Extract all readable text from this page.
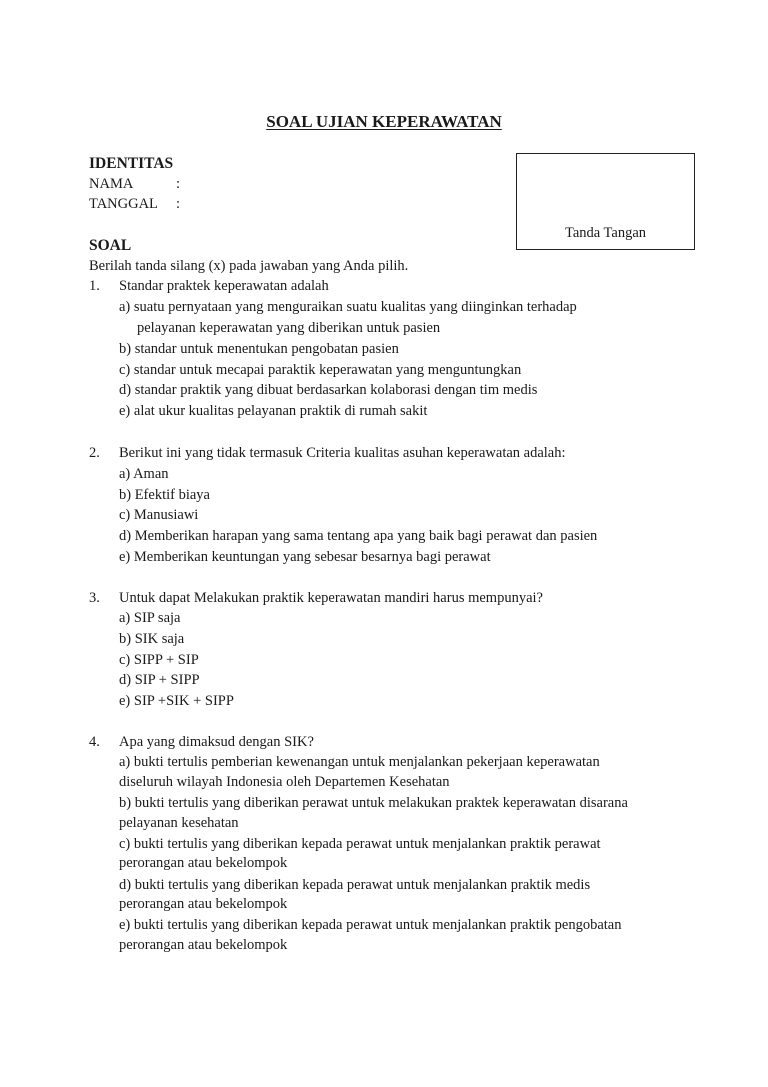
SOAL UJIAN KEPERAWATAN
IDENTITAS
NAMA	:
TANGGAL :
Tanda Tangan
SOAL
Berilah tanda silang (x) pada jawaban yang Anda pilih.
1. Standar praktek keperawatan adalah
a) suatu pernyataan yang menguraikan suatu kualitas yang diinginkan terhadap
pelayanan keperawatan yang diberikan untuk pasien
b) standar untuk menentukan pengobatan pasien
c) standar untuk mecapai paraktik keperawatan yang menguntungkan
d) standar praktik yang dibuat berdasarkan kolaborasi dengan tim medis
e) alat ukur kualitas pelayanan praktik di rumah sakit
2. Berikut ini yang tidak termasuk Criteria kualitas asuhan keperawatan adalah:
a) Aman
b) Efektif biaya
c) Manusiawi
d) Memberikan harapan yang sama tentang apa yang baik bagi perawat dan pasien
e) Memberikan keuntungan yang sebesar besarnya bagi perawat
3. Untuk dapat Melakukan praktik keperawatan mandiri harus mempunyai?
a) SIP saja
b) SIK saja
c) SIPP + SIP
d) SIP + SIPP
e) SIP +SIK + SIPP
4. Apa yang dimaksud dengan SIK?
a) bukti tertulis pemberian kewenangan untuk menjalankan pekerjaan keperawatan
diseluruh wilayah Indonesia oleh Departemen Kesehatan
b) bukti tertulis yang diberikan perawat untuk melakukan praktek keperawatan disarana
pelayanan kesehatan
c) bukti tertulis yang diberikan kepada perawat untuk menjalankan praktik perawat
perorangan atau bekelompok
d) bukti tertulis yang diberikan kepada perawat untuk menjalankan praktik medis
perorangan atau bekelompok
e) bukti tertulis yang diberikan kepada perawat untuk menjalankan praktik pengobatan
perorangan atau bekelompok
